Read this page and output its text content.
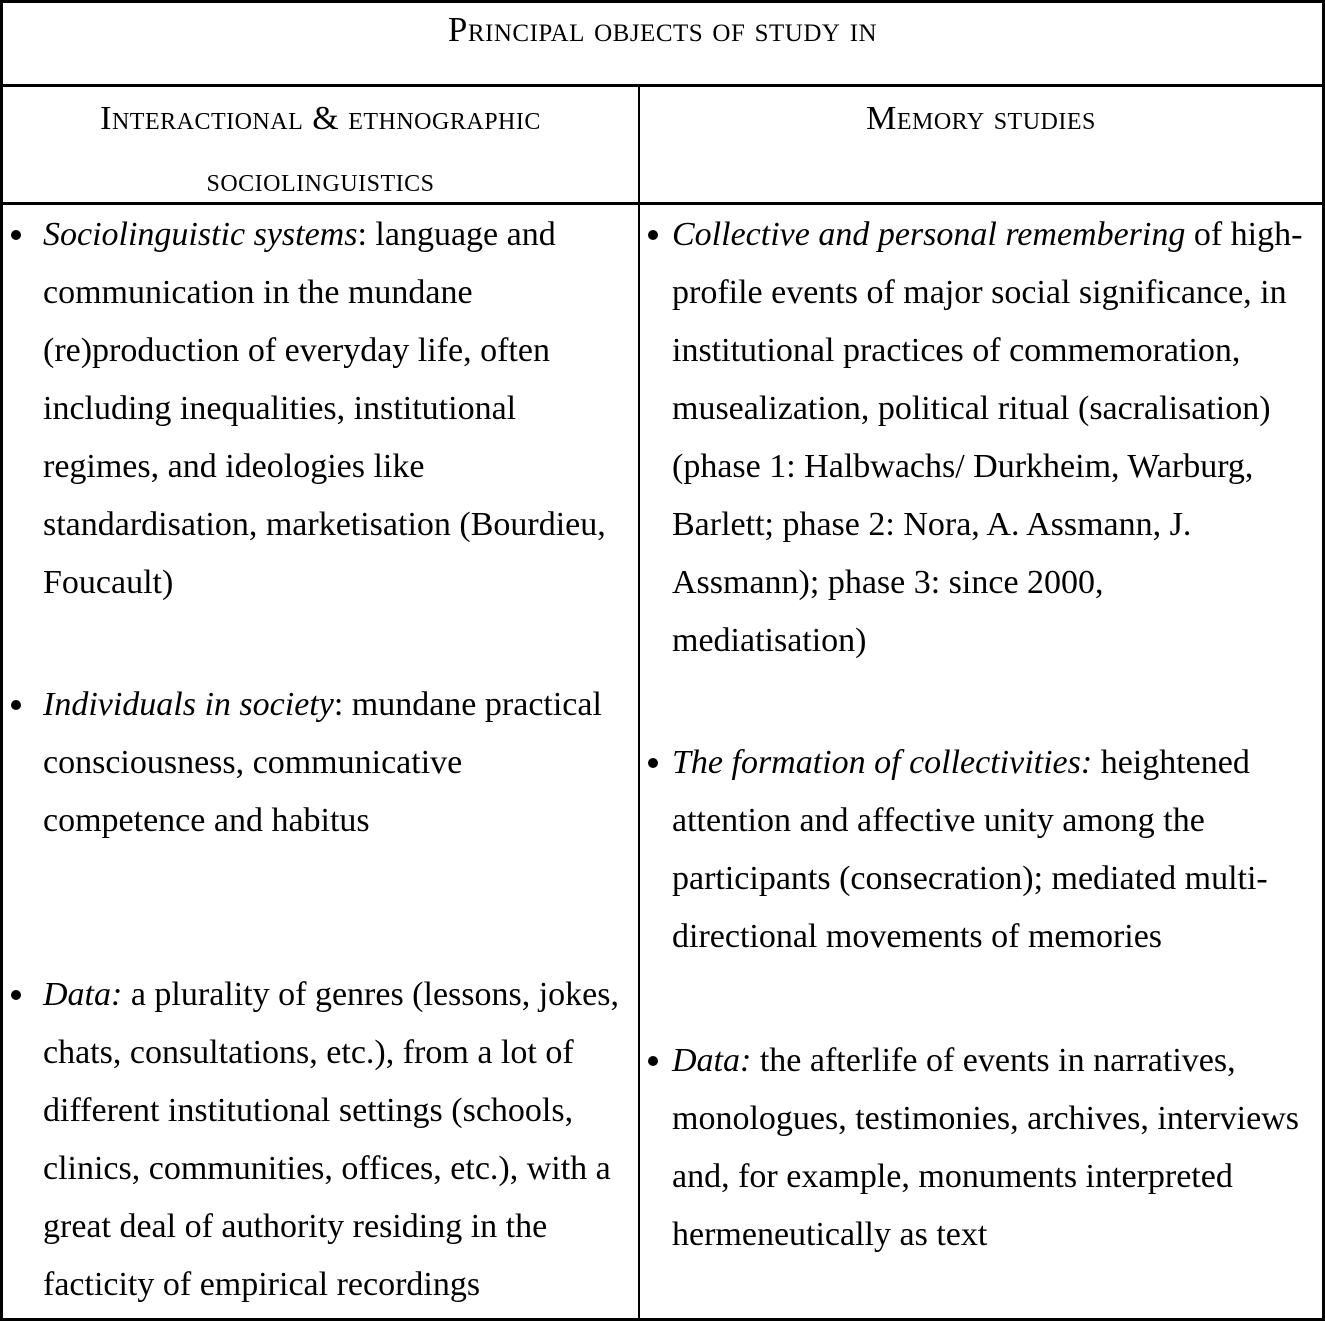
Principal objects of study in
Interactional & ethnographic
sociolinguistics
Memory studies
Sociolinguistic systems: language and
communication in the mundane
(re)production of everyday life, often
including inequalities, institutional
regimes, and ideologies like
standardisation, marketisation (Bourdieu,
Foucault)
Individuals in society: mundane practical
consciousness, communicative
competence and habitus
Data: a plurality of genres (lessons, jokes,
chats, consultations, etc.), from a lot of
different institutional settings (schools,
clinics, communities, offices, etc.), with a
great deal of authority residing in the
facticity of empirical recordings
Collective and personal remembering of high-
profile events of major social significance, in
institutional practices of commemoration,
musealization, political ritual (sacralisation)
(phase 1: Halbwachs/ Durkheim, Warburg,
Barlett; phase 2: Nora, A. Assmann, J.
Assmann); phase 3: since 2000,
mediatisation)
The formation of collectivities: heightened
attention and affective unity among the
participants (consecration); mediated multi-
directional movements of memories
Data: the afterlife of events in narratives,
monologues, testimonies, archives, interviews
and, for example, monuments interpreted
hermeneutically as text
